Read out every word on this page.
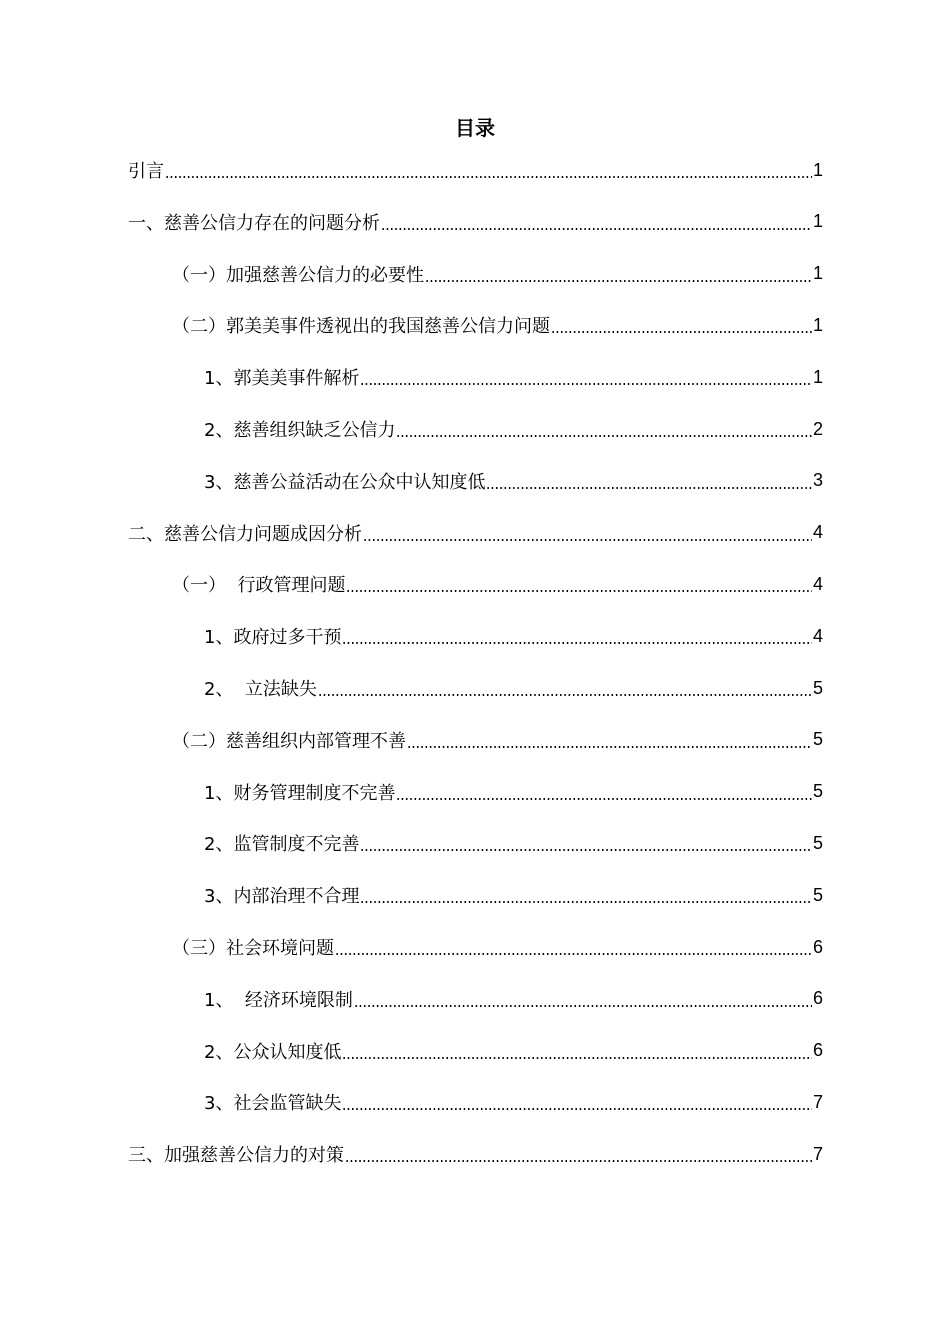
目录
引言	1
一、慈善公信力存在的问题分析	1
（一）加强慈善公信力的必要性	1
（二）郭美美事件透视出的我国慈善公信力问题	1
1、郭美美事件解析	1
2、慈善组织缺乏公信力	2
3、慈善公益活动在公众中认知度低	3
二、慈善公信力问题成因分析	4
（一）  行政管理问题	4
1、政府过多干预	4
2、  立法缺失	5
（二）慈善组织内部管理不善	5
1、财务管理制度不完善	5
2、监管制度不完善	5
3、内部治理不合理	5
（三）社会环境问题	6
1、  经济环境限制	6
2、公众认知度低	6
3、社会监管缺失	7
三、加强慈善公信力的对策	7
